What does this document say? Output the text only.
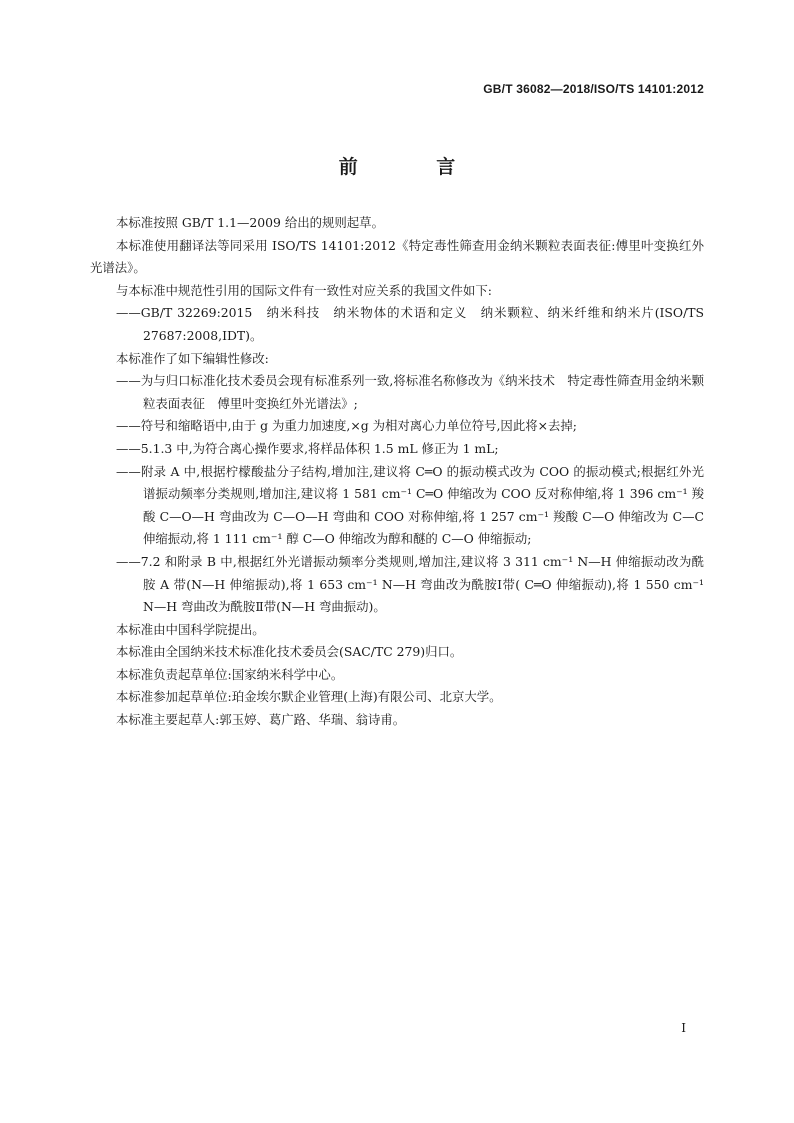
GB/T 36082—2018/ISO/TS 14101:2012
前 言

本标准按照 GB/T 1.1—2009 给出的规则起草。

本标准使用翻译法等同采用 ISO/TS 14101:2012《特定毒性筛查用金纳米颗粒表面表征:傅里叶变换红外光谱法》。

与本标准中规范性引用的国际文件有一致性对应关系的我国文件如下:

——GB/T 32269:2015　纳米科技　纳米物体的术语和定义　纳米颗粒、纳米纤维和纳米片(ISO/TS 27687:2008,IDT)。

本标准作了如下编辑性修改:

——为与归口标准化技术委员会现有标准系列一致,将标准名称修改为《纳米技术　特定毒性筛查用金纳米颗粒表面表征　傅里叶变换红外光谱法》;

——符号和缩略语中,由于 g 为重力加速度,×g 为相对离心力单位符号,因此将×去掉;

——5.1.3 中,为符合离心操作要求,将样品体积 1.5 mL 修正为 1 mL;

——附录 A 中,根据柠檬酸盐分子结构,增加注,建议将 C═O 的振动模式改为 COO 的振动模式;根据红外光谱振动频率分类规则,增加注,建议将 1 581 cm⁻¹ C═O 伸缩改为 COO 反对称伸缩,将 1 396 cm⁻¹ 羧酸 C—O—H 弯曲改为 C—O—H 弯曲和 COO 对称伸缩,将 1 257 cm⁻¹ 羧酸 C—O 伸缩改为 C—C 伸缩振动,将 1 111 cm⁻¹ 醇 C—O 伸缩改为醇和醚的 C—O 伸缩振动;

——7.2 和附录 B 中,根据红外光谱振动频率分类规则,增加注,建议将 3 311 cm⁻¹ N—H 伸缩振动改为酰胺 A 带(N—H 伸缩振动),将 1 653 cm⁻¹ N—H 弯曲改为酰胺Ⅰ带( C═O 伸缩振动),将 1 550 cm⁻¹ N—H 弯曲改为酰胺Ⅱ带(N—H 弯曲振动)。

本标准由中国科学院提出。

本标准由全国纳米技术标准化技术委员会(SAC/TC 279)归口。

本标准负责起草单位:国家纳米科学中心。

本标准参加起草单位:珀金埃尔默企业管理(上海)有限公司、北京大学。

本标准主要起草人:郭玉婷、葛广路、华瑞、翁诗甫。

I
